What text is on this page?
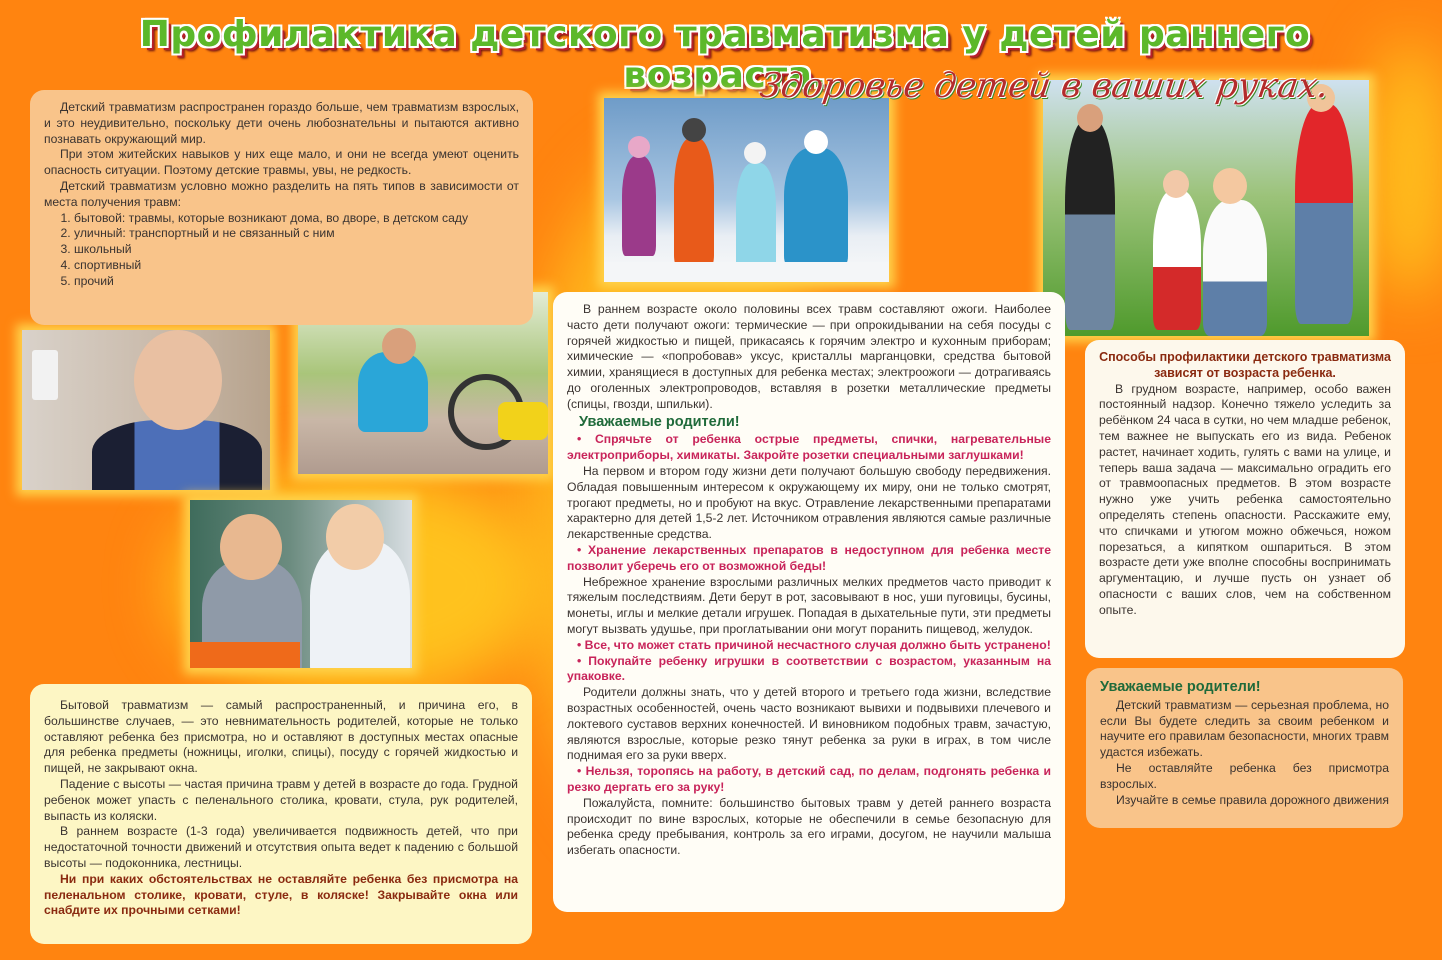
Профилактика детского травматизма у детей раннего возраста.
Здоровье детей в ваших руках.

Детский травматизм распространен гораздо больше, чем травматизм взрослых, и это неудивительно, поскольку дети очень любознательны и пытаются активно познавать окружающий мир.

При этом житейских навыков у них еще мало, и они не всегда умеют оценить опасность ситуации. Поэтому детские травмы, увы, не редкость.

Детский травматизм условно можно разделить на пять типов в зависимости от места получения травм:

1. бытовой: травмы, которые возникают дома, во дворе, в детском саду
2. уличный: транспортный и не связанный с ним
3. школьный
4. спортивный
5. прочий

В раннем возрасте около половины всех травм составляют ожоги. Наиболее часто дети получают ожоги: термические — при опрокидывании на себя посуды с горячей жидкостью и пищей, прикасаясь к горячим электро и кухонным приборам; химические — «попробовав» уксус, кристаллы марганцовки, средства бытовой химии, хранящиеся в доступных для ребенка местах; электроожоги — дотрагиваясь до оголенных электропроводов, вставляя в розетки металлические предметы (спицы, гвозди, шпильки).

Уважаемые родители!

• Спрячьте от ребенка острые предметы, спички, нагревательные электроприборы, химикаты. Закройте розетки специальными заглушками!

На первом и втором году жизни дети получают большую свободу передвижения. Обладая повышенным интересом к окружающему их миру, они не только смотрят, трогают предметы, но и пробуют на вкус. Отравление лекарственными препаратами характерно для детей 1,5-2 лет. Источником отравления являются самые различные лекарственные средства.

• Хранение лекарственных препаратов в недоступном для ребенка месте позволит уберечь его от возможной беды!

Небрежное хранение взрослыми различных мелких предметов часто приводит к тяжелым последствиям. Дети берут в рот, засовывают в нос, уши пуговицы, бусины, монеты, иглы и мелкие детали игрушек. Попадая в дыхательные пути, эти предметы могут вызвать удушье, при проглатывании они могут поранить пищевод, желудок.

• Все, что может стать причиной несчастного случая должно быть устранено!

• Покупайте ребенку игрушки в соответствии с возрастом, указанным на упаковке.

Родители должны знать, что у детей второго и третьего года жизни, вследствие возрастных особенностей, очень часто возникают вывихи и подвывихи плечевого и локтевого суставов верхних конечностей. И виновником подобных травм, зачастую, являются взрослые, которые резко тянут ребенка за руки в играх, в том числе поднимая его за руки вверх.

• Нельзя, торопясь на работу, в детский сад, по делам, подгонять ребенка и резко дергать его за руку!

Пожалуйста, помните: большинство бытовых травм у детей раннего возраста происходит по вине взрослых, которые не обеспечили в семье безопасную для ребенка среду пребывания, контроль за его играми, досугом, не научили малыша избегать опасности.

Бытовой травматизм — самый распространенный, и причина его, в большинстве случаев, — это невнимательность родителей, которые не только оставляют ребенка без присмотра, но и оставляют в доступных местах опасные для ребенка предметы (ножницы, иголки, спицы), посуду с горячей жидкостью и пищей, не закрывают окна.

Падение с высоты — частая причина травм у детей в возрасте до года. Грудной ребенок может упасть с пеленального столика, кровати, стула, рук родителей, выпасть из коляски.

В раннем возрасте (1-3 года) увеличивается подвижность детей, что при недостаточной точности движений и отсутствия опыта ведет к падению с большой высоты — подоконника, лестницы.

Ни при каких обстоятельствах не оставляйте ребенка без присмотра на пеленальном столике, кровати, стуле, в коляске! Закрывайте окна или снабдите их прочными сетками!

Способы профилактики детского травматизма зависят от возраста ребенка.

В грудном возрасте, например, особо важен постоянный надзор. Конечно тяжело уследить за ребёнком 24 часа в сутки, но чем младше ребенок, тем важнее не выпускать его из вида. Ребенок растет, начинает ходить, гулять с вами на улице, и теперь ваша задача — максимально оградить его от травмоопасных предметов. В этом возрасте нужно уже учить ребенка самостоятельно определять степень опасности. Расскажите ему, что спичками и утюгом можно обжечься, ножом порезаться, а кипятком ошпариться. В этом возрасте дети уже вполне способны воспринимать аргументацию, и лучше пусть он узнает об опасности с ваших слов, чем на собственном опыте.

Уважаемые родители!

Детский травматизм — серьезная проблема, но если Вы будете следить за своим ребенком и научите его правилам безопасности, многих травм удастся избежать.

Не оставляйте ребенка без присмотра взрослых.

Изучайте в семье правила дорожного движения
